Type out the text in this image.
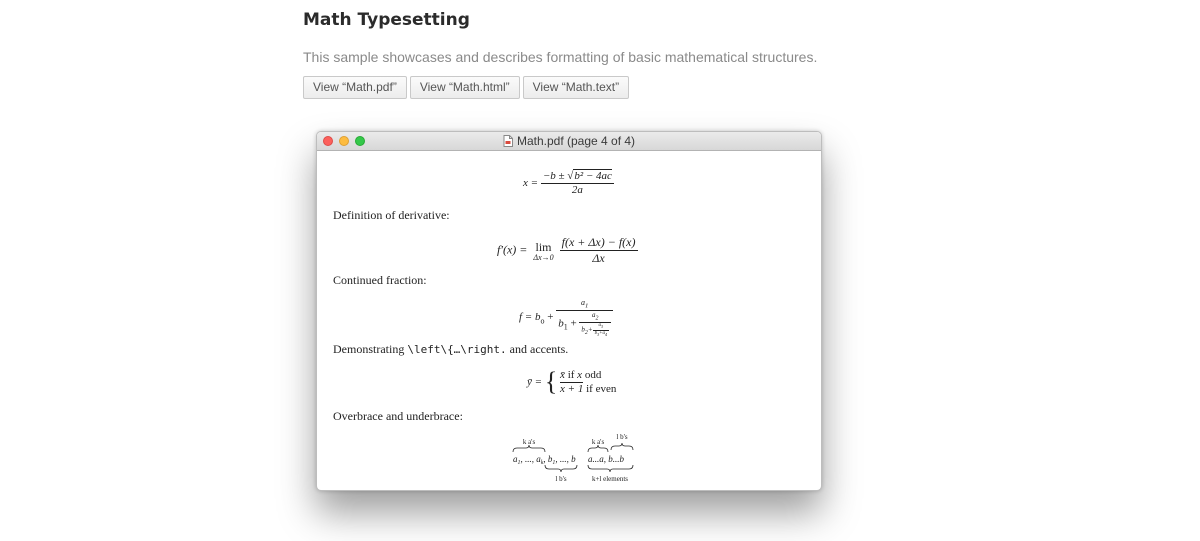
Math Typesetting

This sample showcases and describes formatting of basic mathematical structures.

View “Math.pdf” View “Math.html” View “Math.text”
Math.pdf (page 4 of 4)
$x = \frac{\text{−b ± √b² − 4ac}}{2a}$
Definition of derivative:
f′(x) = lim
Δx→0
$\frac{f(x + \Delta x) - f(x)}{\Delta x}$
Continued fraction:
$f = b_o$ +
$a_1$
$b_1 + \frac{a_2}{b_2+ \frac{a_3}{b_3+a_4}}$
Demonstrating \left\{…\right. and accents.
ȳ = { x̄ if x odd
x + 1 if even
Overbrace and underbrace:
k a's
$a_1$, ..., $a_k$, $b_1$, ..., b
l b's
k a's
l b's
a...a, b...b
k+l elements
